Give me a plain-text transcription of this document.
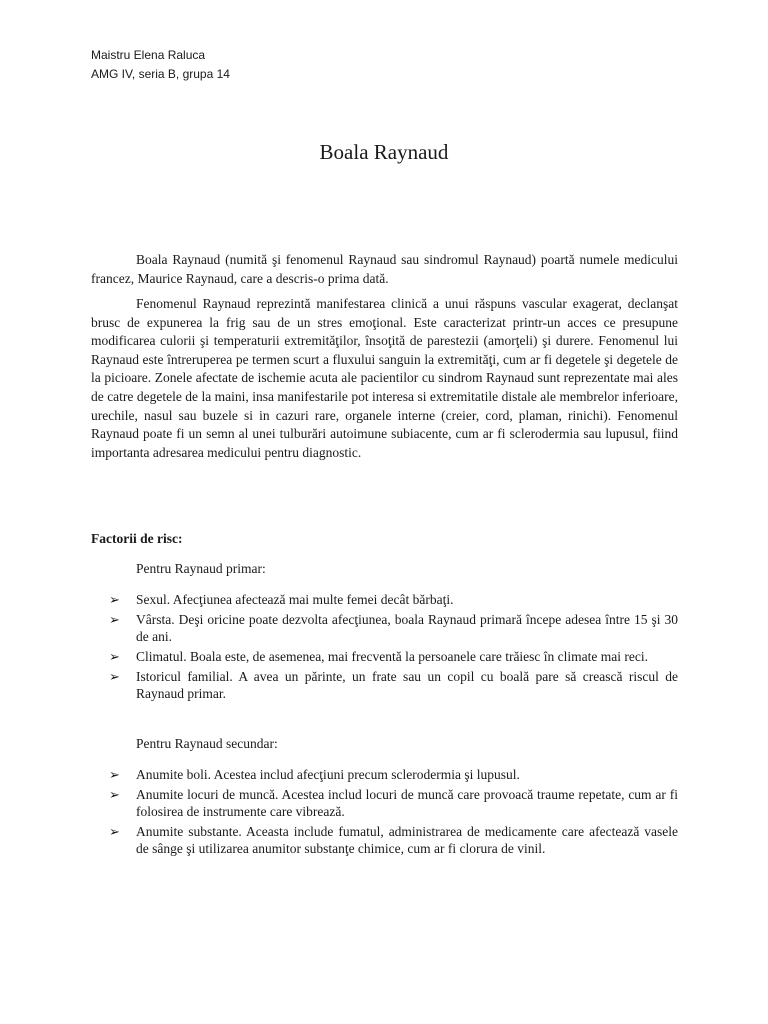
Maistru Elena Raluca
AMG IV, seria B, grupa 14
Boala Raynaud

Boala Raynaud (numită şi fenomenul Raynaud sau sindromul Raynaud) poartă numele medicului francez, Maurice Raynaud, care a descris-o prima dată.

Fenomenul Raynaud reprezintă manifestarea clinică a unui răspuns vascular exagerat, declanşat brusc de expunerea la frig sau de un stres emoţional. Este caracterizat printr-un acces ce presupune modificarea culorii şi temperaturii extremităţilor, însoţită de parestezii (amorţeli) şi durere. Fenomenul lui Raynaud este întreruperea pe termen scurt a fluxului sanguin la extremităţi, cum ar fi degetele şi degetele de la picioare. Zonele afectate de ischemie acuta ale pacientilor cu sindrom Raynaud sunt reprezentate mai ales de catre degetele de la maini, insa manifestarile pot interesa si extremitatile distale ale membrelor inferioare, urechile, nasul sau buzele si in cazuri rare, organele interne (creier, cord, plaman, rinichi). Fenomenul Raynaud poate fi un semn al unei tulburări autoimune subiacente, cum ar fi sclerodermia sau lupusul, fiind importanta adresarea medicului pentru diagnostic.

Factorii de risc:
Pentru Raynaud primar:
➢ Sexul. Afecţiunea afectează mai multe femei decât bărbaţi.
➢ Vârsta. Deşi oricine poate dezvolta afecţiunea, boala Raynaud primară începe adesea între 15 şi 30 de ani.
➢ Climatul. Boala este, de asemenea, mai frecventă la persoanele care trăiesc în climate mai reci.
➢ Istoricul familial. A avea un părinte, un frate sau un copil cu boală pare să crească riscul de Raynaud primar.
Pentru Raynaud secundar:
➢ Anumite boli. Acestea includ afecţiuni precum sclerodermia şi lupusul.
➢ Anumite locuri de muncă. Acestea includ locuri de muncă care provoacă traume repetate, cum ar fi folosirea de instrumente care vibrează.
➢ Anumite substante. Aceasta include fumatul, administrarea de medicamente care afectează vasele de sânge şi utilizarea anumitor substanţe chimice, cum ar fi clorura de vinil.
